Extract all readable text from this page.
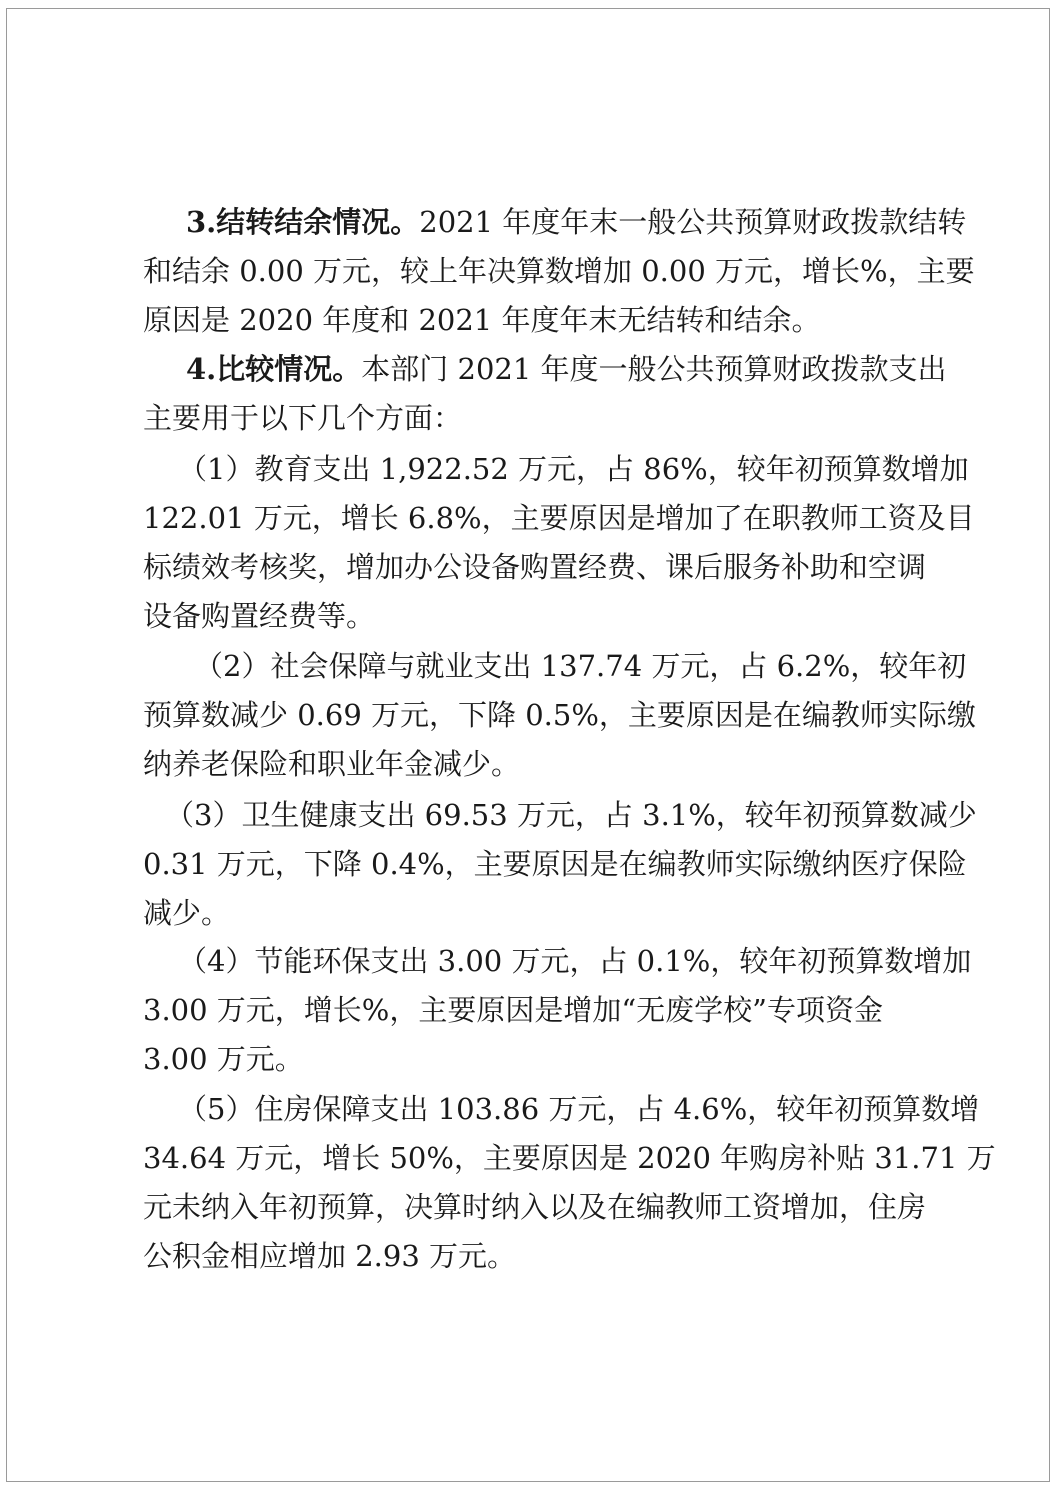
3.结转结余情况。2021 年度年末一般公共预算财政拨款结转
和结余 0.00 万元，较上年决算数增加 0.00 万元，增长%，主要
原因是 2020 年度和 2021 年度年末无结转和结余。
4.比较情况。本部门 2021 年度一般公共预算财政拨款支出
主要用于以下几个方面：
（1）教育支出 1,922.52 万元，占 86%，较年初预算数增加
122.01 万元，增长 6.8%，主要原因是增加了在职教师工资及目
标绩效考核奖，增加办公设备购置经费、课后服务补助和空调
设备购置经费等。
（2）社会保障与就业支出 137.74 万元，占 6.2%，较年初
预算数减少 0.69 万元，下降 0.5%，主要原因是在编教师实际缴
纳养老保险和职业年金减少。
（3）卫生健康支出 69.53 万元，占 3.1%，较年初预算数减少
0.31 万元，下降 0.4%，主要原因是在编教师实际缴纳医疗保险
减少。
（4）节能环保支出 3.00 万元，占 0.1%，较年初预算数增加
3.00 万元，增长%，主要原因是增加“无废学校”专项资金
3.00 万元。
（5）住房保障支出 103.86 万元，占 4.6%，较年初预算数增
34.64 万元，增长 50%，主要原因是 2020 年购房补贴 31.71 万
元未纳入年初预算，决算时纳入以及在编教师工资增加，住房
公积金相应增加 2.93 万元。
